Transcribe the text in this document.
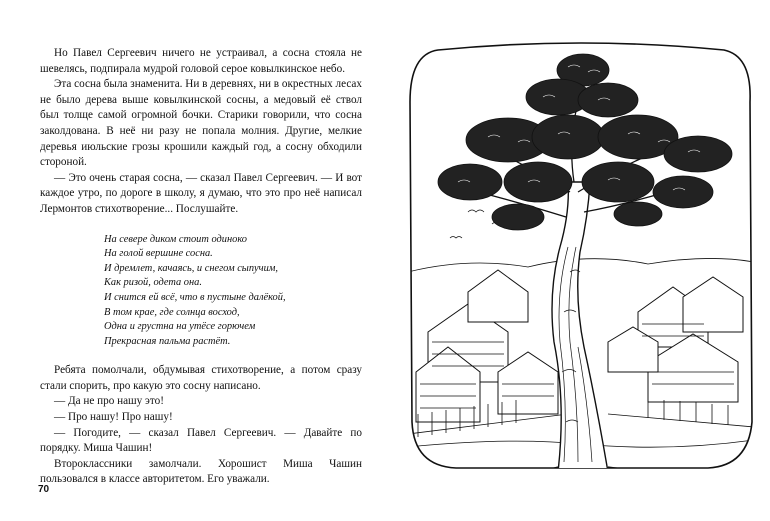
Но Павел Сергеевич ничего не устраивал, а сосна стояла не шевелясь, подпирала мудрой головой серое ковылкинское небо.

Эта сосна была знаменита. Ни в деревнях, ни в окрестных лесах не было дерева выше ковылкинской сосны, а медовый её ствол был толще самой огромной бочки. Старики говорили, что сосна заколдована. В неё ни разу не попала молния. Другие, мелкие деревья июльские грозы крошили каждый год, а сосну обходили стороной.

— Это очень старая сосна, — сказал Павел Сергеевич. — И вот каждое утро, по дороге в школу, я думаю, что это про неё написал Лермонтов стихотворение... Послушайте.

На севере диком стоит одиноко
На голой вершине сосна.
И дремлет, качаясь, и снегом сыпучим,
Как ризой, одета она.
И снится ей всё, что в пустыне далёкой,
В том крае, где солнца восход,
Одна и грустна на утёсе горючем
Прекрасная пальма растёт.

Ребята помолчали, обдумывая стихотворение, а потом сразу стали спорить, про какую это сосну написано.

— Да не про нашу это!

— Про нашу! Про нашу!

— Погодите, — сказал Павел Сергеевич. — Давайте по порядку. Миша Чашин!

Второклассники замолчали. Хорошист Миша Чашин пользовался в классе авторитетом. Его уважали.

70
